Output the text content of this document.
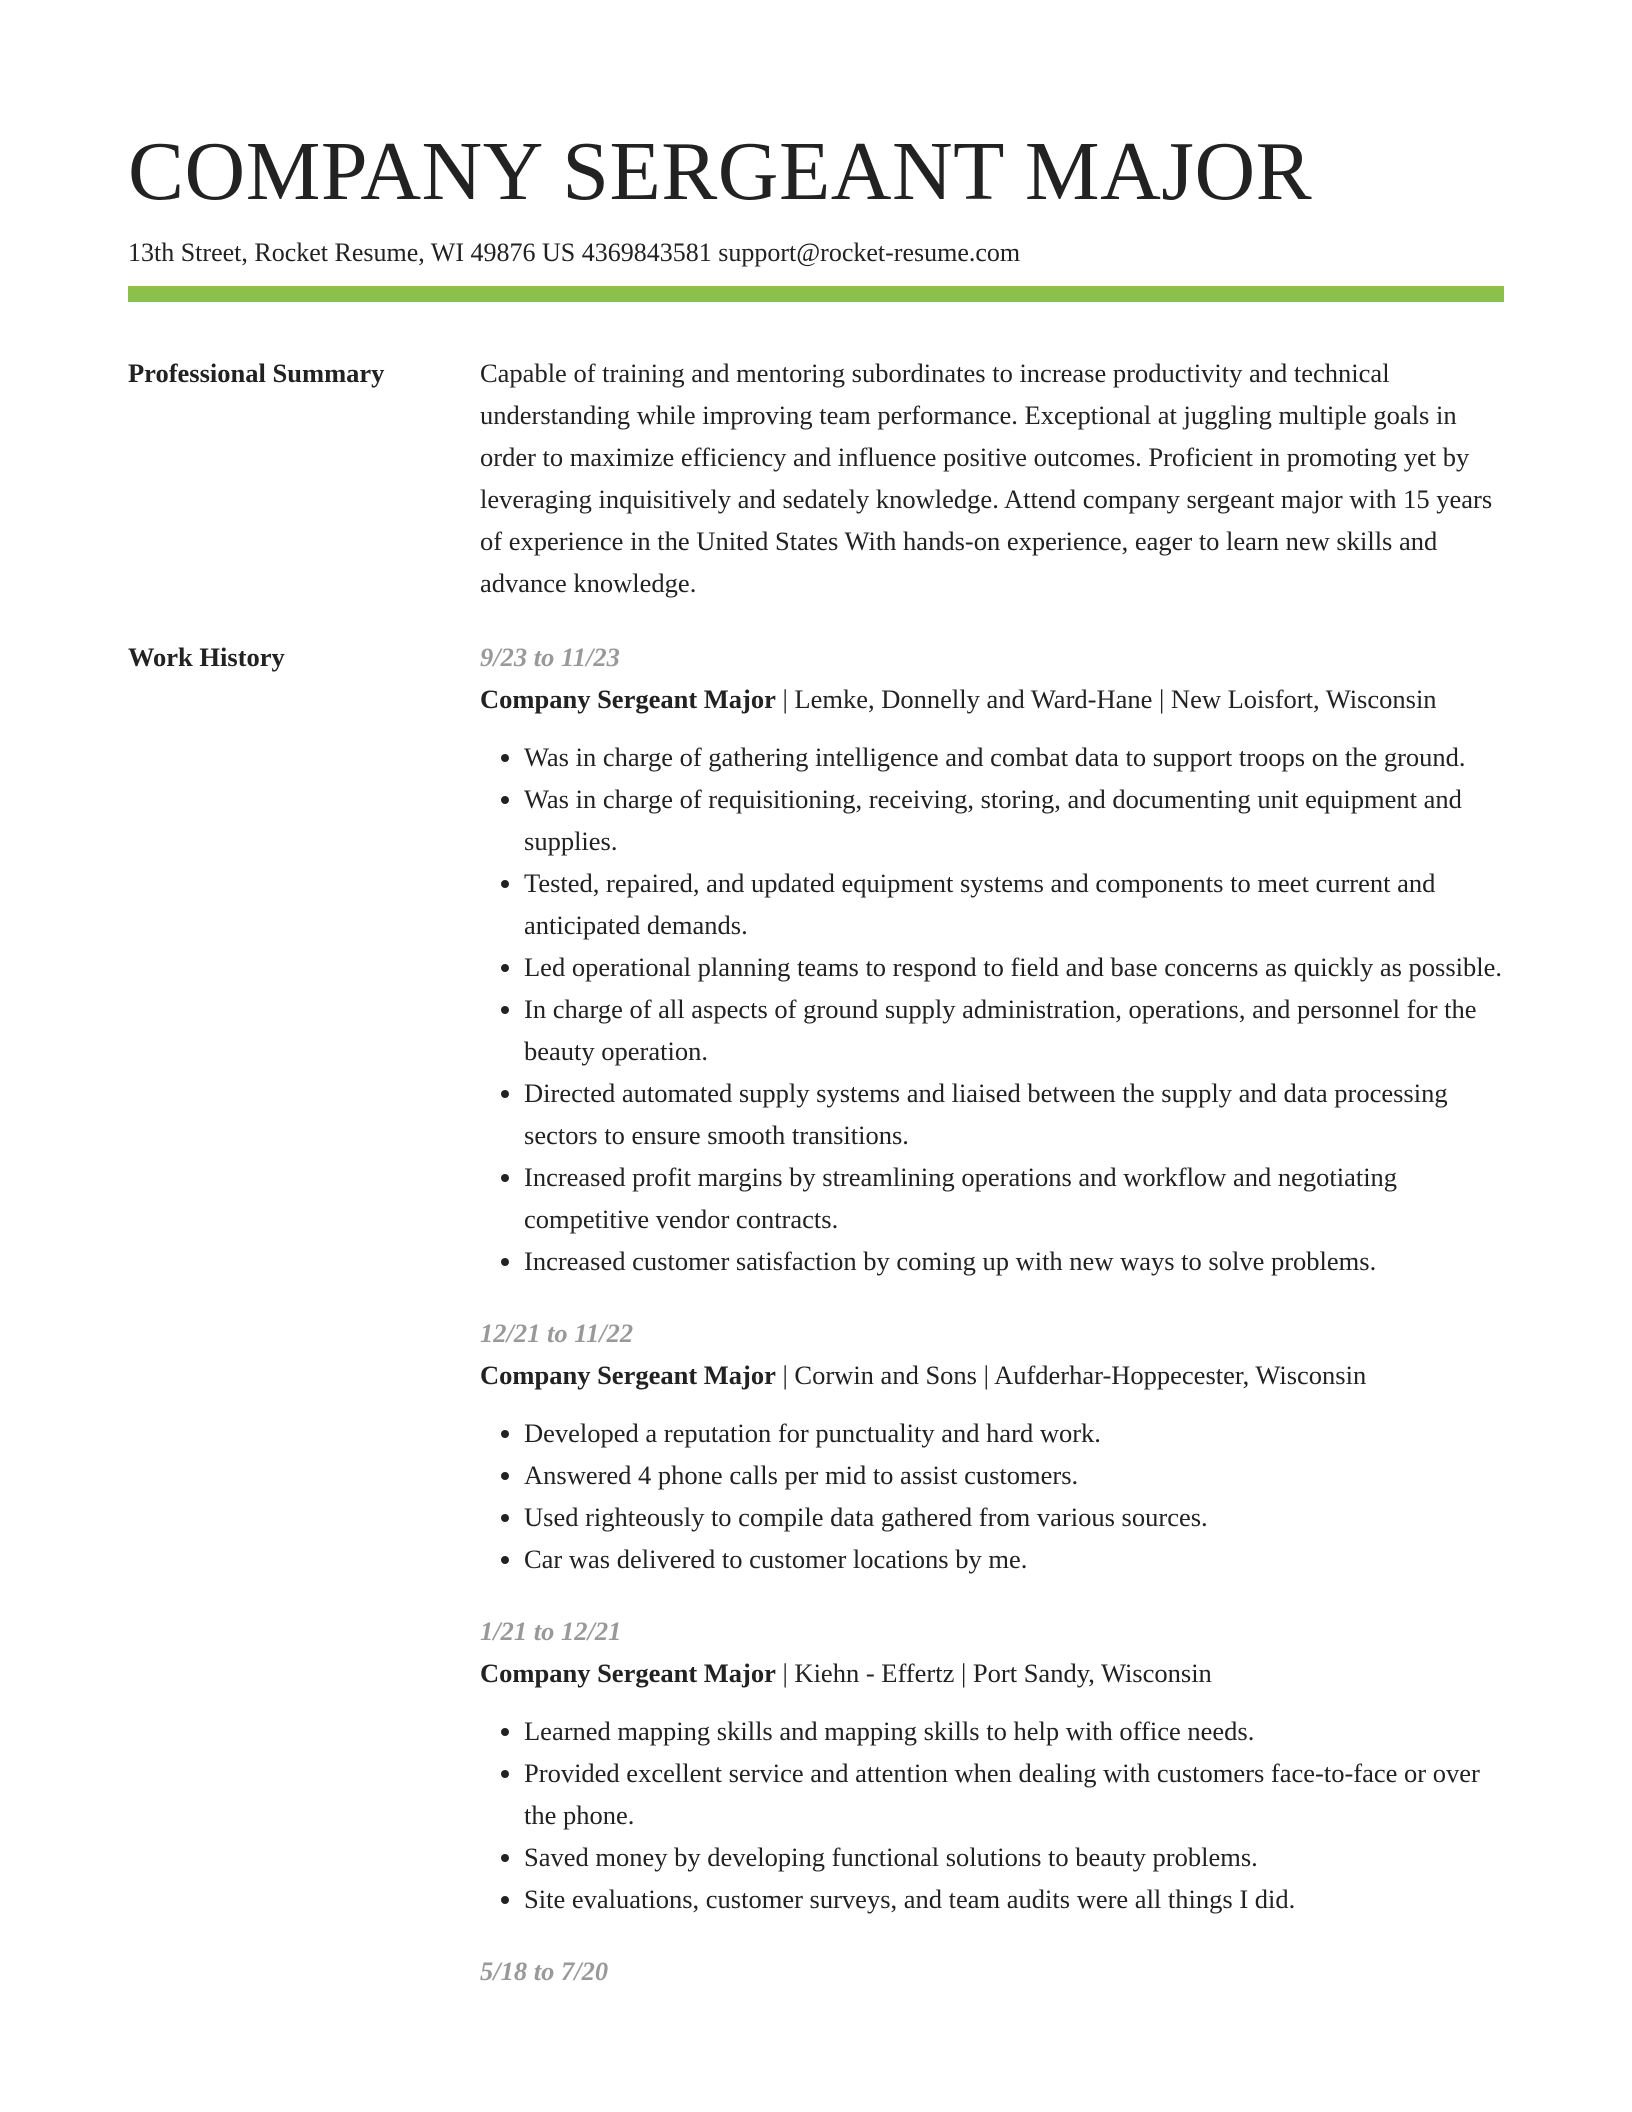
COMPANY SERGEANT MAJOR
13th Street, Rocket Resume, WI 49876 US 4369843581 support@rocket-resume.com
Professional Summary	Capable of training and mentoring subordinates to increase productivity and technical understanding while improving team performance. Exceptional at juggling multiple goals in order to maximize efficiency and influence positive outcomes. Proficient in promoting yet by leveraging inquisitively and sedately knowledge. Attend company sergeant major with 15 years of experience in the United States With hands-on experience, eager to learn new skills and advance knowledge.
Work History	9/23 to 11/23
Company Sergeant Major | Lemke, Donnelly and Ward-Hane | New Loisfort, Wisconsin
• Was in charge of gathering intelligence and combat data to support troops on the ground.
• Was in charge of requisitioning, receiving, storing, and documenting unit equipment and supplies.
• Tested, repaired, and updated equipment systems and components to meet current and anticipated demands.
• Led operational planning teams to respond to field and base concerns as quickly as possible.
• In charge of all aspects of ground supply administration, operations, and personnel for the beauty operation.
• Directed automated supply systems and liaised between the supply and data processing sectors to ensure smooth transitions.
• Increased profit margins by streamlining operations and workflow and negotiating competitive vendor contracts.
• Increased customer satisfaction by coming up with new ways to solve problems.
12/21 to 11/22
Company Sergeant Major | Corwin and Sons | Aufderhar-Hoppecester, Wisconsin
• Developed a reputation for punctuality and hard work.
• Answered 4 phone calls per mid to assist customers.
• Used righteously to compile data gathered from various sources.
• Car was delivered to customer locations by me.
1/21 to 12/21
Company Sergeant Major | Kiehn - Effertz | Port Sandy, Wisconsin
• Learned mapping skills and mapping skills to help with office needs.
• Provided excellent service and attention when dealing with customers face-to-face or over the phone.
• Saved money by developing functional solutions to beauty problems.
• Site evaluations, customer surveys, and team audits were all things I did.
5/18 to 7/20
